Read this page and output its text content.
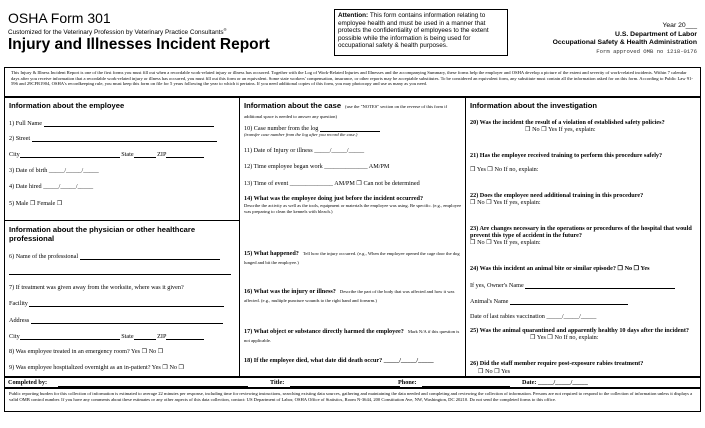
OSHA Form 301
Customized for the Veterinary Profession by Veterinary Practice Consultants®
Injury and Illnesses Incident Report
Attention: This form contains information relating to employee health and must be used in a manner that protects the confidentiality of employees to the extent possible while the information is being used for occupational safety & health purposes.
Year 20___
U.S. Department of Labor
Occupational Safety & Health Administration
Form approved OMB no 1218-0176
This Injury & Illness Incident Report is one of the first forms you must fill out when a recordable work-related injury or illness has occurred. Together with the Log of Work-Related Injuries and Illnesses and the accompanying Summary, these forms help the employer and OSHA develop a picture of the extent and severity of work-related incidents. Within 7 calendar days after you receive information that a recordable work-related injury or illness has occurred, you must fill out this form or an equivalent. Some state workers' compensation, insurance, or other reports may be acceptable substitutes. To be considered an equivalent form, any substitute must contain all the information asked for on this form. According to Public Law 91-596 and 29CFR1904, OSHA's recordkeeping rule, you must keep this form on file for 5 years following the year to which it pertains. If you need additional copies of this form, you may photocopy and use as many as you need.
Information about the employee
1) Full Name
2) Street
City	State	ZIP
3) Date of birth _____/_____/_____
4) Date hired _____/_____/_____
5) Male ❒ Female ❒
Information about the physician or other healthcare professional
6) Name of the professional
7) If treatment was given away from the worksite, where was it given?
Facility
Address
City	State	ZIP
8) Was employee treated in an emergency room? Yes ❒ No ❒
9) Was employee hospitalized overnight as an in-patient? Yes ❒ No ❒
Information about the case (use the "NOTES" section on the reverse of this form if additional space is needed to answer any question)
10) Case number from the log
(transfer case number from the log after you record the case.)
11) Date of Injury or illness _____/_____/_____
12) Time employee began work ______________ AM/PM
13) Time of event ______________ AM/PM ❒ Can not be determined
14) What was the employee doing just before the incident occurred?
Describe the activity as well as the tools, equipment or materials the employee was using. Be specific. (e.g., employee was preparing to clean the kennels with bleach.)
15) What happened? Tell how the injury occurred. (e.g., When the employee opened the cage door the dog lunged and bit the employee.)
16) What was the injury or illness? Describe the part of the body that was affected and how it was affected. (e.g., multiple puncture wounds to the right hand and forearm.)
17) What object or substance directly harmed the employee? Mark N/A if this question is not applicable.
18) If the employee died, what date did death occur? _____/_____/_____
Information about the investigation
20) Was the incident the result of a violation of established safety policies?
❒ No ❒ Yes If yes, explain:
21) Has the employee received training to perform this procedure safely?
❒ Yes ❒ No If no, explain:
22) Does the employee need additional training in this procedure?
❒ No ❒ Yes If yes, explain:
23) Are changes necessary in the operations or procedures of the hospital that would prevent this type of accident in the future?
❒ No ❒ Yes If yes, explain:
24) Was this incident an animal bite or similar episode? ❒ No ❒ Yes
If yes, Owner's Name
Animal's Name
Date of last rabies vaccination _____/_____/_____
25) Was the animal quarantined and apparently healthy 10 days after the incident?
❒ Yes ❒ No If no, explain:
26) Did the staff member require post-exposure rabies treatment?
❒ No ❒ Yes
Completed by:	Title:	Phone:	Date: _____/_____/_____
Public reporting burden for this collection of information is estimated to average 22 minutes per response, including time for reviewing instructions, searching existing data sources, gathering and maintaining the data needed and completing and reviewing the collection of information. Persons are not required to respond to the collection of information unless it displays a valid OMB control number. If you have any comments about these estimates or any other aspects of this data collection, contact: US Department of Labor, OSHA Office of Statistics, Room N-3644, 200 Constitution Ave, NW, Washington, DC 20210. Do not send the completed forms to this office.
